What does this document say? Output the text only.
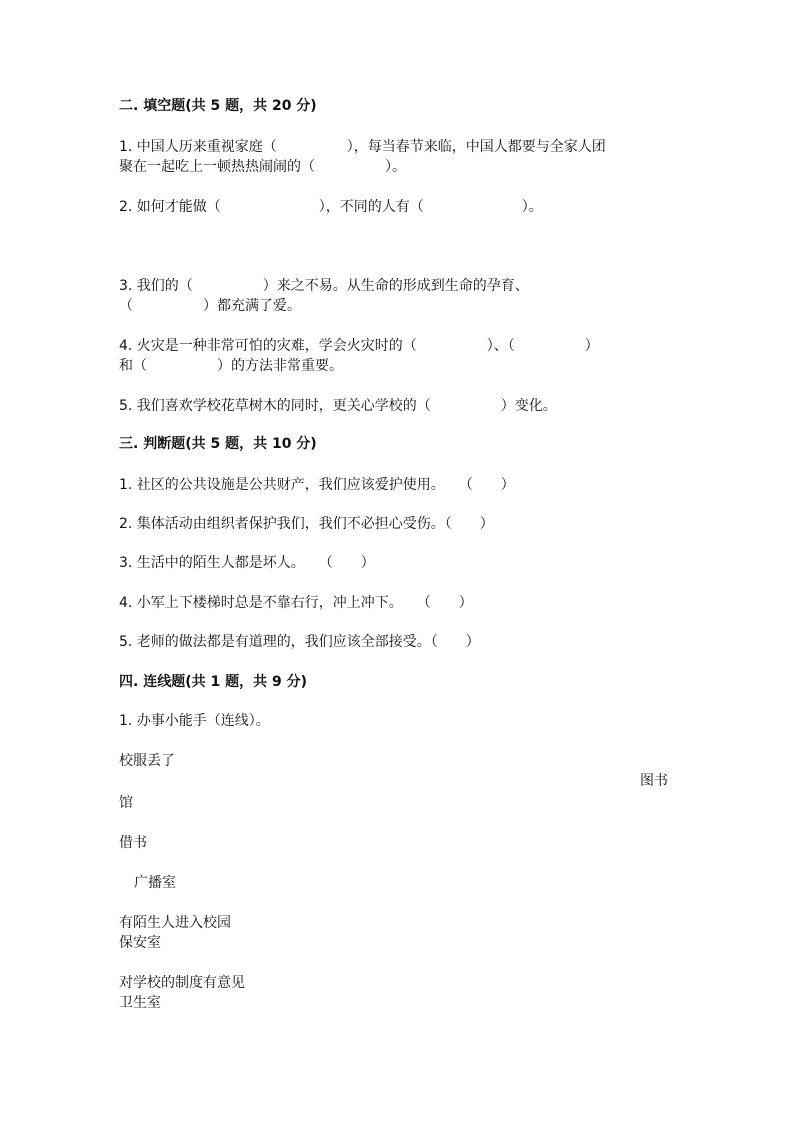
二. 填空题(共 5 题，共 20 分)
1. 中国人历来重视家庭（　　　　　），每当春节来临，中国人都要与全家人团
聚在一起吃上一顿热热闹闹的（　　　　　）。
2. 如何才能做（　　　　　　　），不同的人有（　　　　　　　）。
3. 我们的（　　　　　）来之不易。从生命的形成到生命的孕育、
（　　　　　）都充满了爱。
4. 火灾是一种非常可怕的灾难，学会火灾时的（　　　　　）、（　　　　　）
和（　　　　　）的方法非常重要。
5. 我们喜欢学校花草树木的同时，更关心学校的（　　　　　）变化。
三. 判断题(共 5 题，共 10 分)
1. 社区的公共设施是公共财产，我们应该爱护使用。　　（　　）
2. 集体活动由组织者保护我们，我们不必担心受伤。（　　）
3. 生活中的陌生人都是坏人。　　（　　）
4. 小军上下楼梯时总是不靠右行，冲上冲下。　　（　　）
5. 老师的做法都是有道理的，我们应该全部接受。（　　）
四. 连线题(共 1 题，共 9 分)
1. 办事小能手（连线）。
校服丢了
图书
馆
借书
广播室
有陌生人进入校园
保安室
对学校的制度有意见
卫生室
